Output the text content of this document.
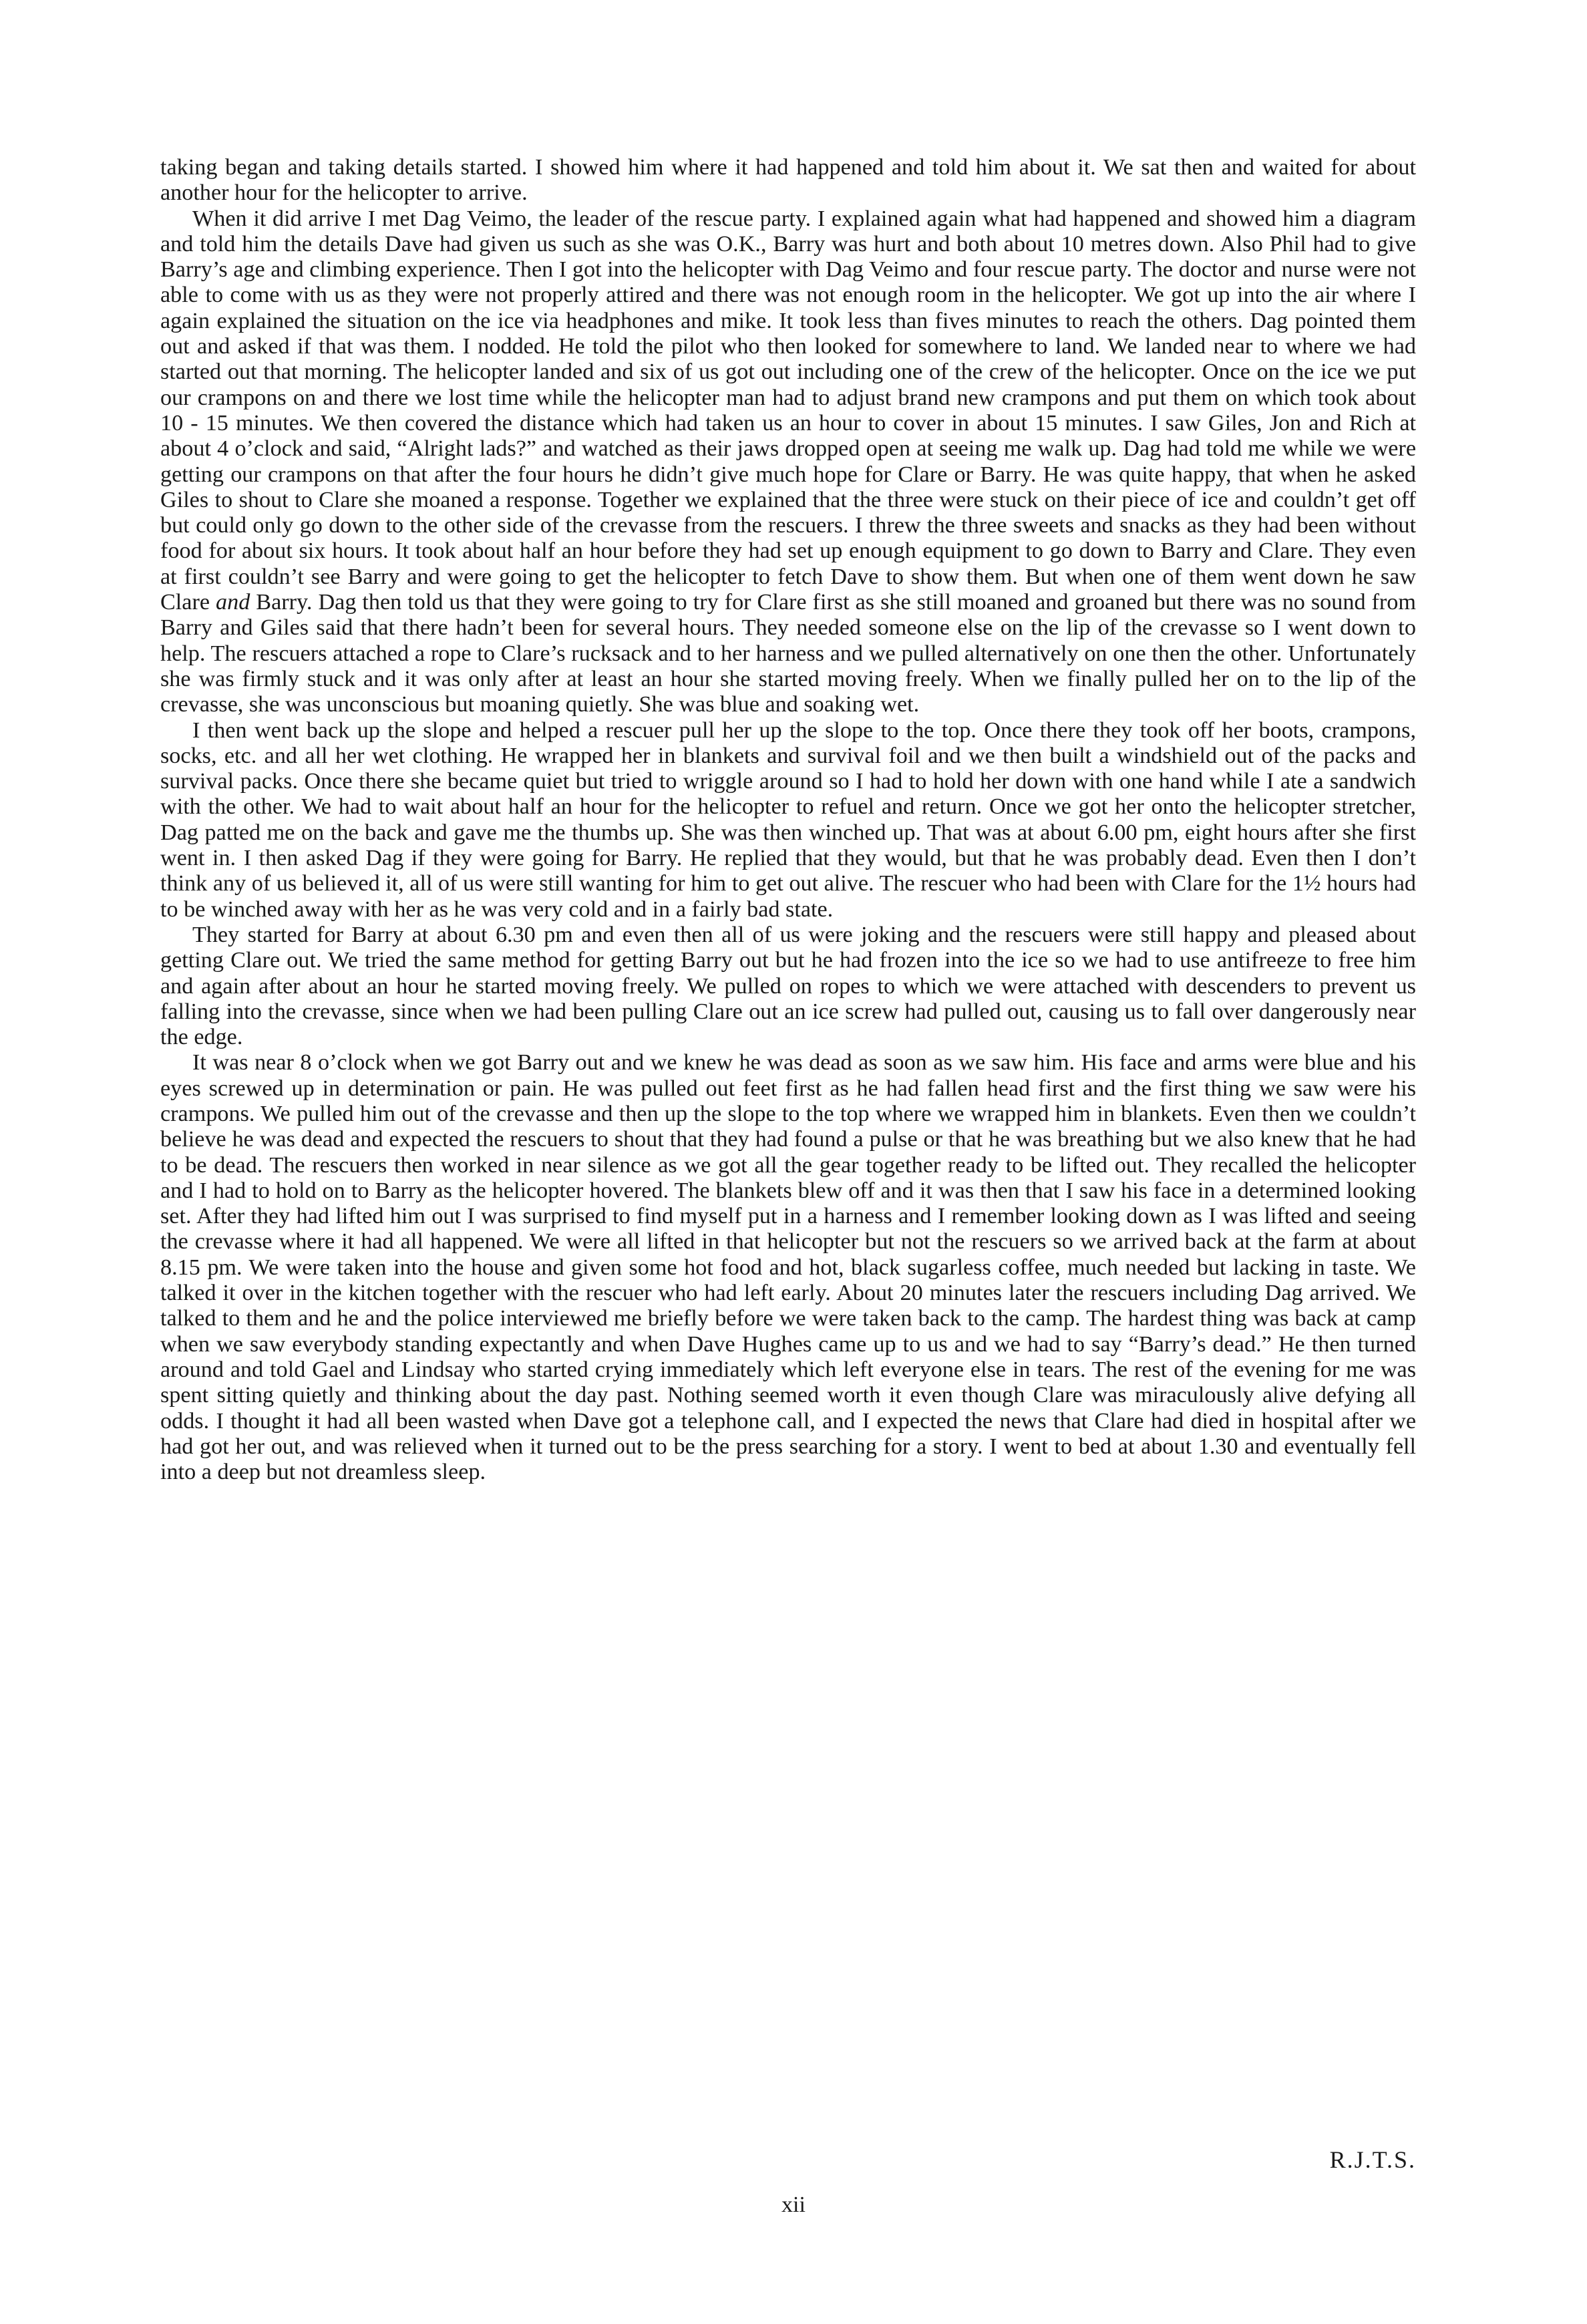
taking began and taking details started. I showed him where it had happened and told him about it. We sat then and waited for about another hour for the helicopter to arrive.

When it did arrive I met Dag Veimo, the leader of the rescue party. I explained again what had happened and showed him a diagram and told him the details Dave had given us such as she was O.K., Barry was hurt and both about 10 metres down. Also Phil had to give Barry’s age and climbing experience. Then I got into the helicopter with Dag Veimo and four rescue party. The doctor and nurse were not able to come with us as they were not properly attired and there was not enough room in the helicopter. We got up into the air where I again explained the situation on the ice via headphones and mike. It took less than fives minutes to reach the others. Dag pointed them out and asked if that was them. I nodded. He told the pilot who then looked for somewhere to land. We landed near to where we had started out that morning. The helicopter landed and six of us got out including one of the crew of the helicopter. Once on the ice we put our crampons on and there we lost time while the helicopter man had to adjust brand new crampons and put them on which took about 10 - 15 minutes. We then covered the distance which had taken us an hour to cover in about 15 minutes. I saw Giles, Jon and Rich at about 4 o’clock and said, “Alright lads?” and watched as their jaws dropped open at seeing me walk up. Dag had told me while we were getting our crampons on that after the four hours he didn’t give much hope for Clare or Barry. He was quite happy, that when he asked Giles to shout to Clare she moaned a response. Together we explained that the three were stuck on their piece of ice and couldn’t get off but could only go down to the other side of the crevasse from the rescuers. I threw the three sweets and snacks as they had been without food for about six hours. It took about half an hour before they had set up enough equipment to go down to Barry and Clare. They even at first couldn’t see Barry and were going to get the helicopter to fetch Dave to show them. But when one of them went down he saw Clare and Barry. Dag then told us that they were going to try for Clare first as she still moaned and groaned but there was no sound from Barry and Giles said that there hadn’t been for several hours. They needed someone else on the lip of the crevasse so I went down to help. The rescuers attached a rope to Clare’s rucksack and to her harness and we pulled alternatively on one then the other. Unfortunately she was firmly stuck and it was only after at least an hour she started moving freely. When we finally pulled her on to the lip of the crevasse, she was unconscious but moaning quietly. She was blue and soaking wet.

I then went back up the slope and helped a rescuer pull her up the slope to the top. Once there they took off her boots, crampons, socks, etc. and all her wet clothing. He wrapped her in blankets and survival foil and we then built a windshield out of the packs and survival packs. Once there she became quiet but tried to wriggle around so I had to hold her down with one hand while I ate a sandwich with the other. We had to wait about half an hour for the helicopter to refuel and return. Once we got her onto the helicopter stretcher, Dag patted me on the back and gave me the thumbs up. She was then winched up. That was at about 6.00 pm, eight hours after she first went in. I then asked Dag if they were going for Barry. He replied that they would, but that he was probably dead. Even then I don’t think any of us believed it, all of us were still wanting for him to get out alive. The rescuer who had been with Clare for the 1½ hours had to be winched away with her as he was very cold and in a fairly bad state.

They started for Barry at about 6.30 pm and even then all of us were joking and the rescuers were still happy and pleased about getting Clare out. We tried the same method for getting Barry out but he had frozen into the ice so we had to use antifreeze to free him and again after about an hour he started moving freely. We pulled on ropes to which we were attached with descenders to prevent us falling into the crevasse, since when we had been pulling Clare out an ice screw had pulled out, causing us to fall over dangerously near the edge.

It was near 8 o’clock when we got Barry out and we knew he was dead as soon as we saw him. His face and arms were blue and his eyes screwed up in determination or pain. He was pulled out feet first as he had fallen head first and the first thing we saw were his crampons. We pulled him out of the crevasse and then up the slope to the top where we wrapped him in blankets. Even then we couldn’t believe he was dead and expected the rescuers to shout that they had found a pulse or that he was breathing but we also knew that he had to be dead. The rescuers then worked in near silence as we got all the gear together ready to be lifted out. They recalled the helicopter and I had to hold on to Barry as the helicopter hovered. The blankets blew off and it was then that I saw his face in a determined looking set. After they had lifted him out I was surprised to find myself put in a harness and I remember looking down as I was lifted and seeing the crevasse where it had all happened. We were all lifted in that helicopter but not the rescuers so we arrived back at the farm at about 8.15 pm. We were taken into the house and given some hot food and hot, black sugarless coffee, much needed but lacking in taste. We talked it over in the kitchen together with the rescuer who had left early. About 20 minutes later the rescuers including Dag arrived. We talked to them and he and the police interviewed me briefly before we were taken back to the camp. The hardest thing was back at camp when we saw everybody standing expectantly and when Dave Hughes came up to us and we had to say “Barry’s dead.” He then turned around and told Gael and Lindsay who started crying immediately which left everyone else in tears. The rest of the evening for me was spent sitting quietly and thinking about the day past. Nothing seemed worth it even though Clare was miraculously alive defying all odds. I thought it had all been wasted when Dave got a telephone call, and I expected the news that Clare had died in hospital after we had got her out, and was relieved when it turned out to be the press searching for a story. I went to bed at about 1.30 and eventually fell into a deep but not dreamless sleep.

R.J.T.S.
xii
